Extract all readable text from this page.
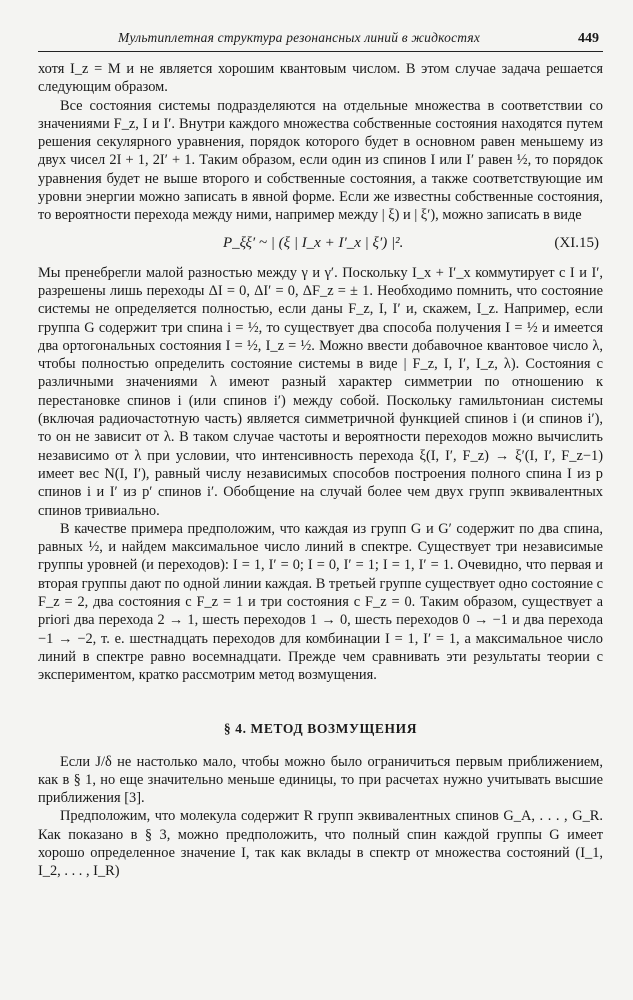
Мультиплетная структура резонансных линий в жидкостях	449

хотя I_z = M и не является хорошим квантовым числом. В этом случае задача решается следующим образом.

Все состояния системы подразделяются на отдельные множества в соответствии со значениями F_z, I и I′. Внутри каждого множества собственные состояния находятся путем решения секулярного уравнения, порядок которого будет в основном равен меньшему из двух чисел 2I + 1, 2I′ + 1. Таким образом, если один из спинов I или I′ равен ½, то порядок уравнения будет не выше второго и собственные состояния, а также соответствующие им уровни энергии можно записать в явной форме. Если же известны собственные состояния, то вероятности перехода между ними, например между | ξ) и | ξ′), можно записать в виде

P_ξξ′ ~ | (ξ | I_x + I′_x | ξ′) |².	(XI.15)

Мы пренебрегли малой разностью между γ и γ′. Поскольку I_x + I′_x коммутирует с I и I′, разрешены лишь переходы ΔI = 0, ΔI′ = 0, ΔF_z = ± 1. Необходимо помнить, что состояние системы не определяется полностью, если даны F_z, I, I′ и, скажем, I_z. Например, если группа G содержит три спина i = ½, то существует два способа получения I = ½ и имеется два ортогональных состояния I = ½, I_z = ½. Можно ввести добавочное квантовое число λ, чтобы полностью определить состояние системы в виде | F_z, I, I′, I_z, λ). Состояния с различными значениями λ имеют разный характер симметрии по отношению к перестановке спинов i (или спинов i′) между собой. Поскольку гамильтониан системы (включая радиочастотную часть) является симметричной функцией спинов i (и спинов i′), то он не зависит от λ. В таком случае частоты и вероятности переходов можно вычислить независимо от λ при условии, что интенсивность перехода ξ(I, I′, F_z) → ξ′(I, I′, F_z−1) имеет вес N(I, I′), равный числу независимых способов построения полного спина I из p спинов i и I′ из p′ спинов i′. Обобщение на случай более чем двух групп эквивалентных спинов тривиально.

В качестве примера предположим, что каждая из групп G и G′ содержит по два спина, равных ½, и найдем максимальное число линий в спектре. Существует три независимые группы уровней (и переходов): I = 1, I′ = 0; I = 0, I′ = 1; I = 1, I′ = 1. Очевидно, что первая и вторая группы дают по одной линии каждая. В третьей группе существует одно состояние с F_z = 2, два состояния с F_z = 1 и три состояния с F_z = 0. Таким образом, существует a priori два перехода 2 → 1, шесть переходов 1 → 0, шесть переходов 0 → −1 и два перехода −1 → −2, т. е. шестнадцать переходов для комбинации I = 1, I′ = 1, а максимальное число линий в спектре равно восемнадцати. Прежде чем сравнивать эти результаты теории с экспериментом, кратко рассмотрим метод возмущения.

§ 4. МЕТОД ВОЗМУЩЕНИЯ

Если J/δ не настолько мало, чтобы можно было ограничиться первым приближением, как в § 1, но еще значительно меньше единицы, то при расчетах нужно учитывать высшие приближения [3].

Предположим, что молекула содержит R групп эквивалентных спинов G_A, . . . , G_R. Как показано в § 3, можно предположить, что полный спин каждой группы G имеет хорошо определенное значение I, так как вклады в спектр от множества состояний (I_1, I_2, . . . , I_R)
